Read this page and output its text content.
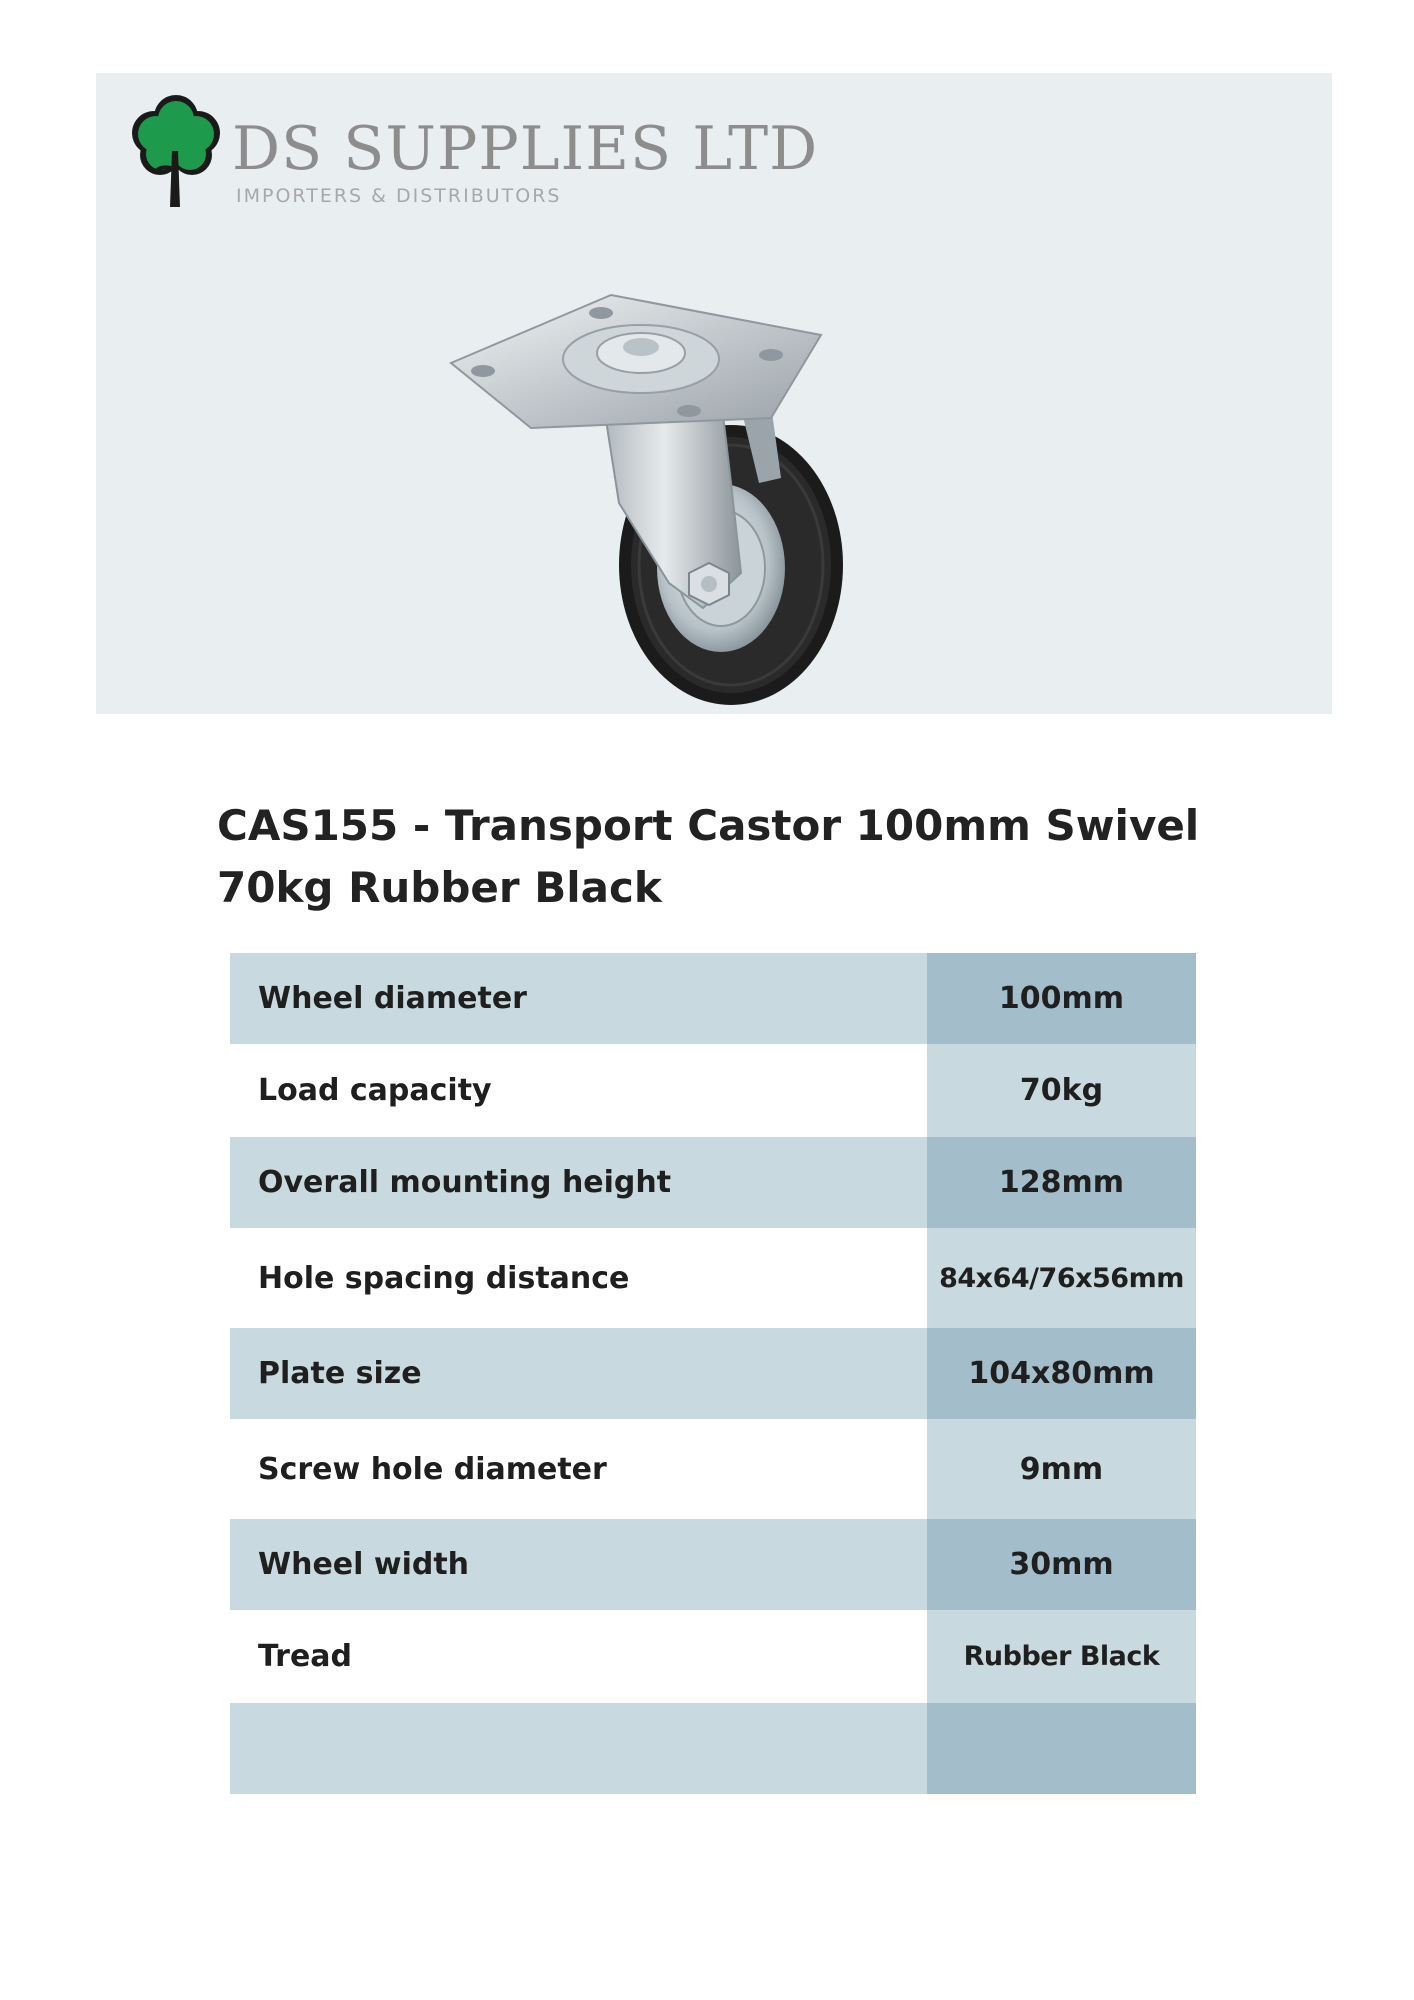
DS SUPPLIES LTD
IMPORTERS & DISTRIBUTORS
CAS155 - Transport Castor 100mm Swivel 70kg Rubber Black
Wheel diameter	100mm
Load capacity	70kg
Overall mounting height	128mm
Hole spacing distance	84x64/76x56mm
Plate size	104x80mm
Screw hole diameter	9mm
Wheel width	30mm
Tread	Rubber Black
